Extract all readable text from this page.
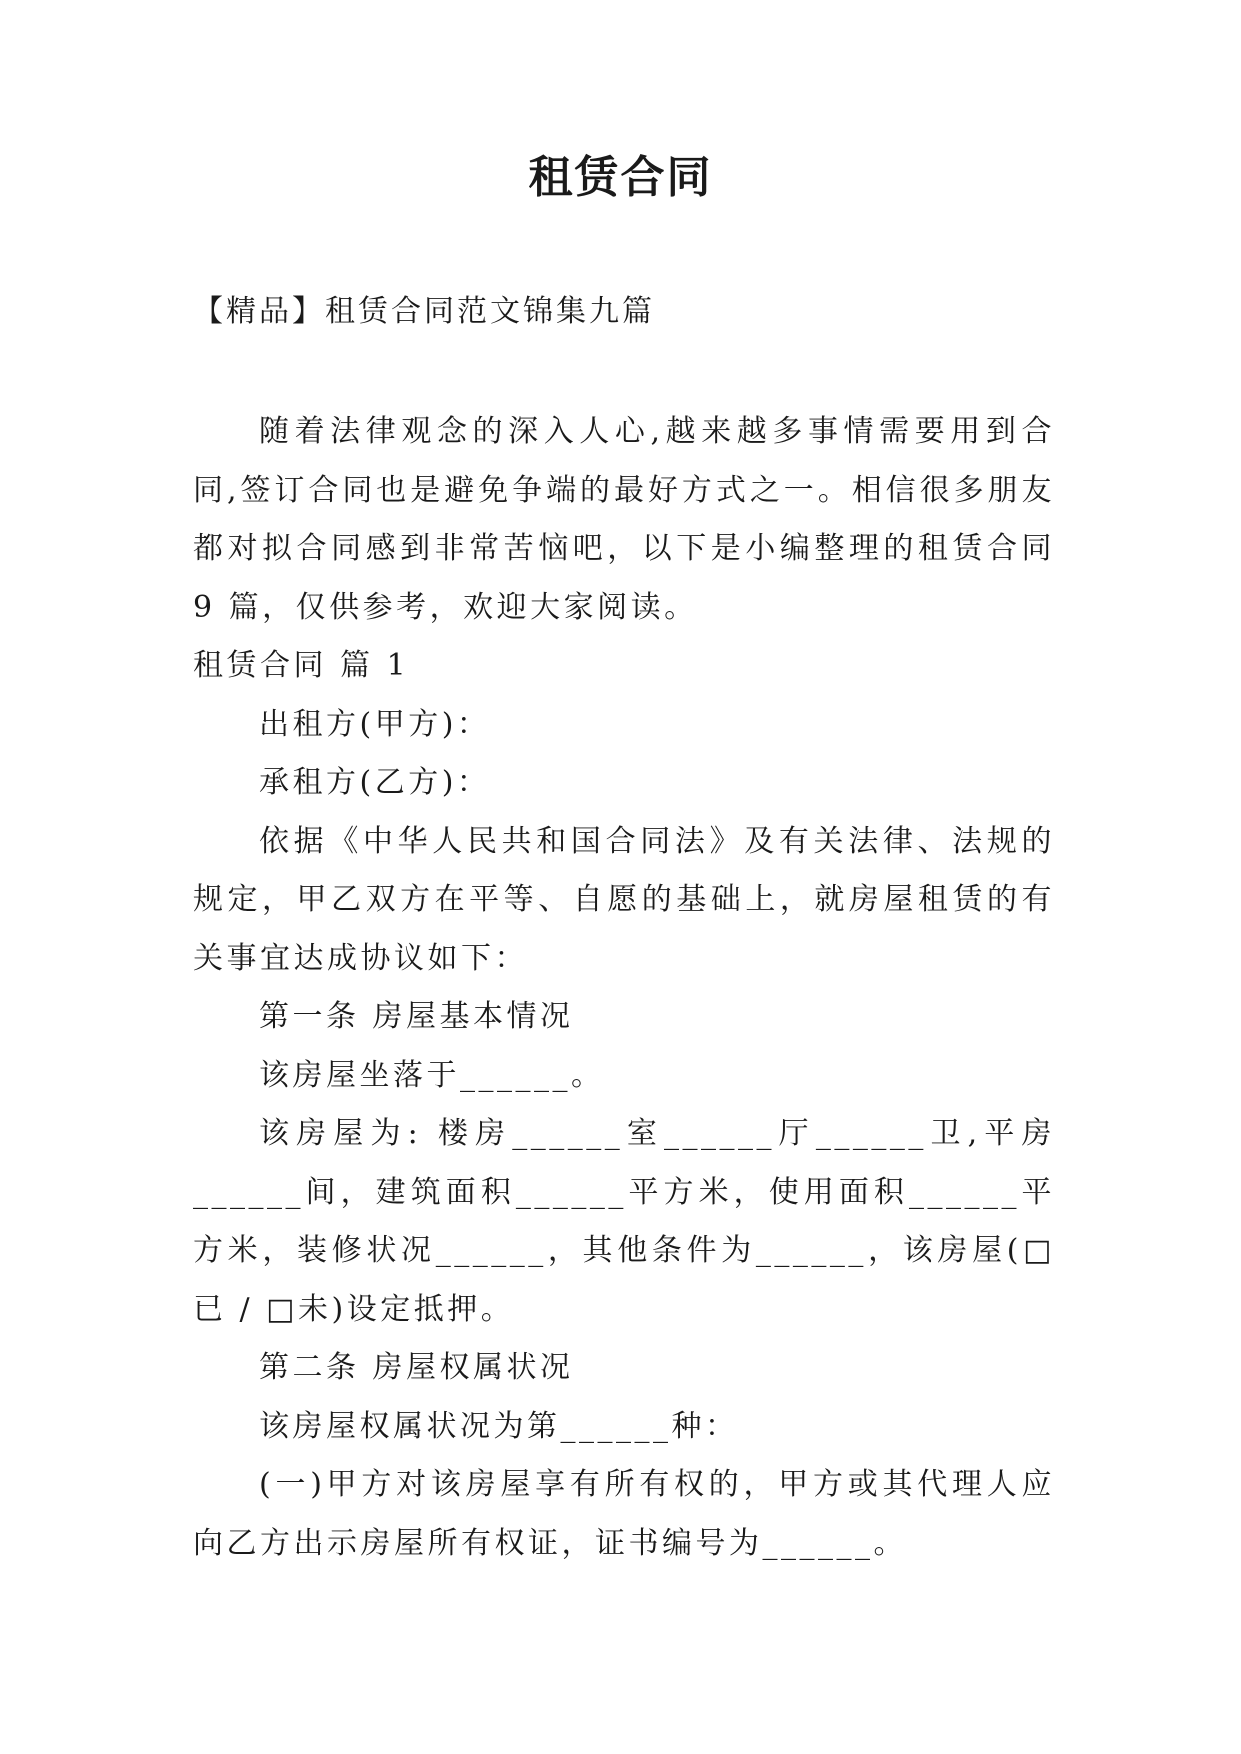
租赁合同

【精品】租赁合同范文锦集九篇

随着法律观念的深入人心,越来越多事情需要用到合同,签订合同也是避免争端的最好方式之一。相信很多朋友都对拟合同感到非常苦恼吧，以下是小编整理的租赁合同 9 篇，仅供参考，欢迎大家阅读。

租赁合同 篇 1

出租方(甲方)：

承租方(乙方)：

依据《中华人民共和国合同法》及有关法律、法规的规定，甲乙双方在平等、自愿的基础上，就房屋租赁的有关事宜达成协议如下：

第一条 房屋基本情况

该房屋坐落于______。

该房屋为: 楼房______室______厅______卫,平房______间，建筑面积______平方米，使用面积______平方米，装修状况______，其他条件为______，该房屋(□已 / □未)设定抵押。

第二条 房屋权属状况

该房屋权属状况为第______种：

(一)甲方对该房屋享有所有权的，甲方或其代理人应向乙方出示房屋所有权证，证书编号为______。
